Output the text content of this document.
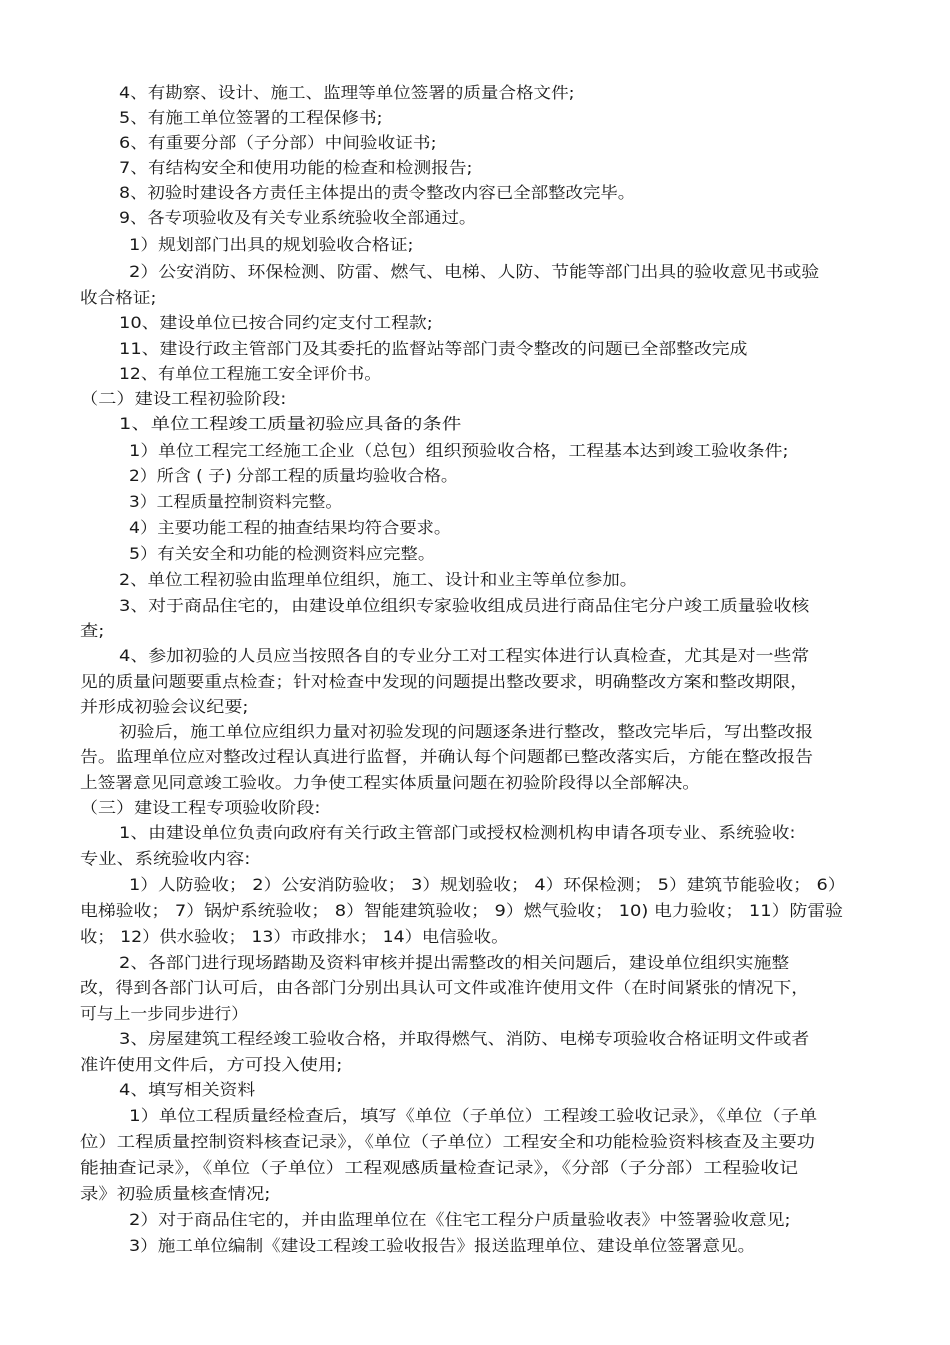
4、有勘察、设计、施工、监理等单位签署的质量合格文件;
5、有施工单位签署的工程保修书;
6、有重要分部（子分部）中间验收证书;
7、有结构安全和使用功能的检查和检测报告;
8、初验时建设各方责任主体提出的责令整改内容已全部整改完毕。
9、各专项验收及有关专业系统验收全部通过。
1）规划部门出具的规划验收合格证;
2）公安消防、环保检测、防雷、燃气、电梯、人防、节能等部门出具的验收意见书或验
收合格证;
10、建设单位已按合同约定支付工程款;
11、建设行政主管部门及其委托的监督站等部门责令整改的问题已全部整改完成
12、有单位工程施工安全评价书。
（二）建设工程初验阶段:
1、单位工程竣工质量初验应具备的条件
1）单位工程完工经施工企业（总包）组织预验收合格，工程基本达到竣工验收条件;
2）所含 ( 子) 分部工程的质量均验收合格。
3）工程质量控制资料完整。
4）主要功能工程的抽查结果均符合要求。
5）有关安全和功能的检测资料应完整。
2、单位工程初验由监理单位组织，施工、设计和业主等单位参加。
3、对于商品住宅的，由建设单位组织专家验收组成员进行商品住宅分户竣工质量验收核
查;
4、参加初验的人员应当按照各自的专业分工对工程实体进行认真检查，尤其是对一些常
见的质量问题要重点检查；针对检查中发现的问题提出整改要求，明确整改方案和整改期限，
并形成初验会议纪要;
初验后，施工单位应组织力量对初验发现的问题逐条进行整改，整改完毕后，写出整改报
告。监理单位应对整改过程认真进行监督，并确认每个问题都已整改落实后，方能在整改报告
上签署意见同意竣工验收。力争使工程实体质量问题在初验阶段得以全部解决。
（三）建设工程专项验收阶段:
1、由建设单位负责向政府有关行政主管部门或授权检测机构申请各项专业、系统验收:
专业、系统验收内容:
1）人防验收； 2）公安消防验收； 3）规划验收； 4）环保检测； 5）建筑节能验收； 6）
电梯验收； 7）锅炉系统验收； 8）智能建筑验收； 9）燃气验收； 10) 电力验收； 11）防雷验
收； 12）供水验收； 13）市政排水； 14）电信验收。
2、各部门进行现场踏勘及资料审核并提出需整改的相关问题后，建设单位组织实施整
改，得到各部门认可后，由各部门分别出具认可文件或准许使用文件（在时间紧张的情况下，
可与上一步同步进行）
3、房屋建筑工程经竣工验收合格，并取得燃气、消防、电梯专项验收合格证明文件或者
准许使用文件后，方可投入使用;
4、填写相关资料
1）单位工程质量经检查后，填写《单位（子单位）工程竣工验收记录》，《单位（子单
位）工程质量控制资料核查记录》，《单位（子单位）工程安全和功能检验资料核查及主要功
能抽查记录》，《单位（子单位）工程观感质量检查记录》，《分部（子分部）工程验收记
录》初验质量核查情况;
2）对于商品住宅的，并由监理单位在《住宅工程分户质量验收表》中签署验收意见;
3）施工单位编制《建设工程竣工验收报告》报送监理单位、建设单位签署意见。
